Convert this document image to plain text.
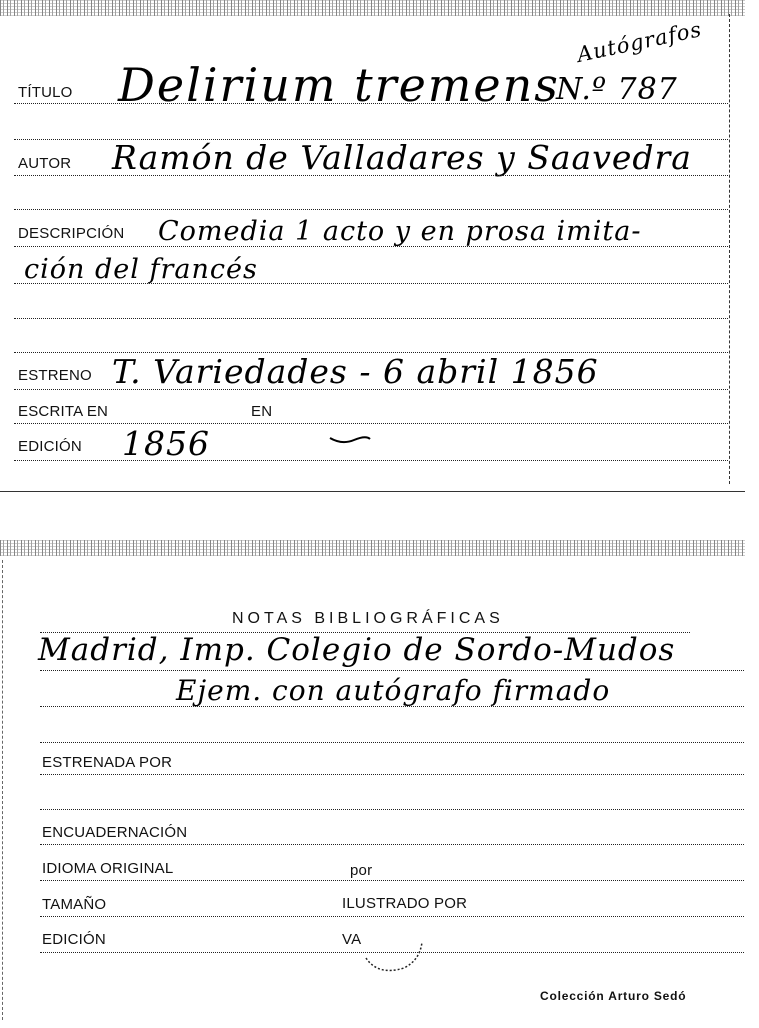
Autógrafos
TÍTULO Delirium tremens
N.º 787
AUTOR Ramón de Valladares y Saavedra
DESCRIPCIÓN Comedia 1 acto y en prosa imita-
ción del francés
ESTRENO T. Variedades - 6 abril 1856
ESCRITA EN	EN
EDICIÓN 1856
NOTAS BIBLIOGRÁFICAS
Madrid, Imp. Colegio de Sordo-Mudos
Ejem. con autógrafo firmado
ESTRENADA POR
ENCUADERNACIÓN
IDIOMA ORIGINAL	por
TAMAÑO	ILUSTRADO POR
EDICIÓN	VA
Colección Arturo Sedó
